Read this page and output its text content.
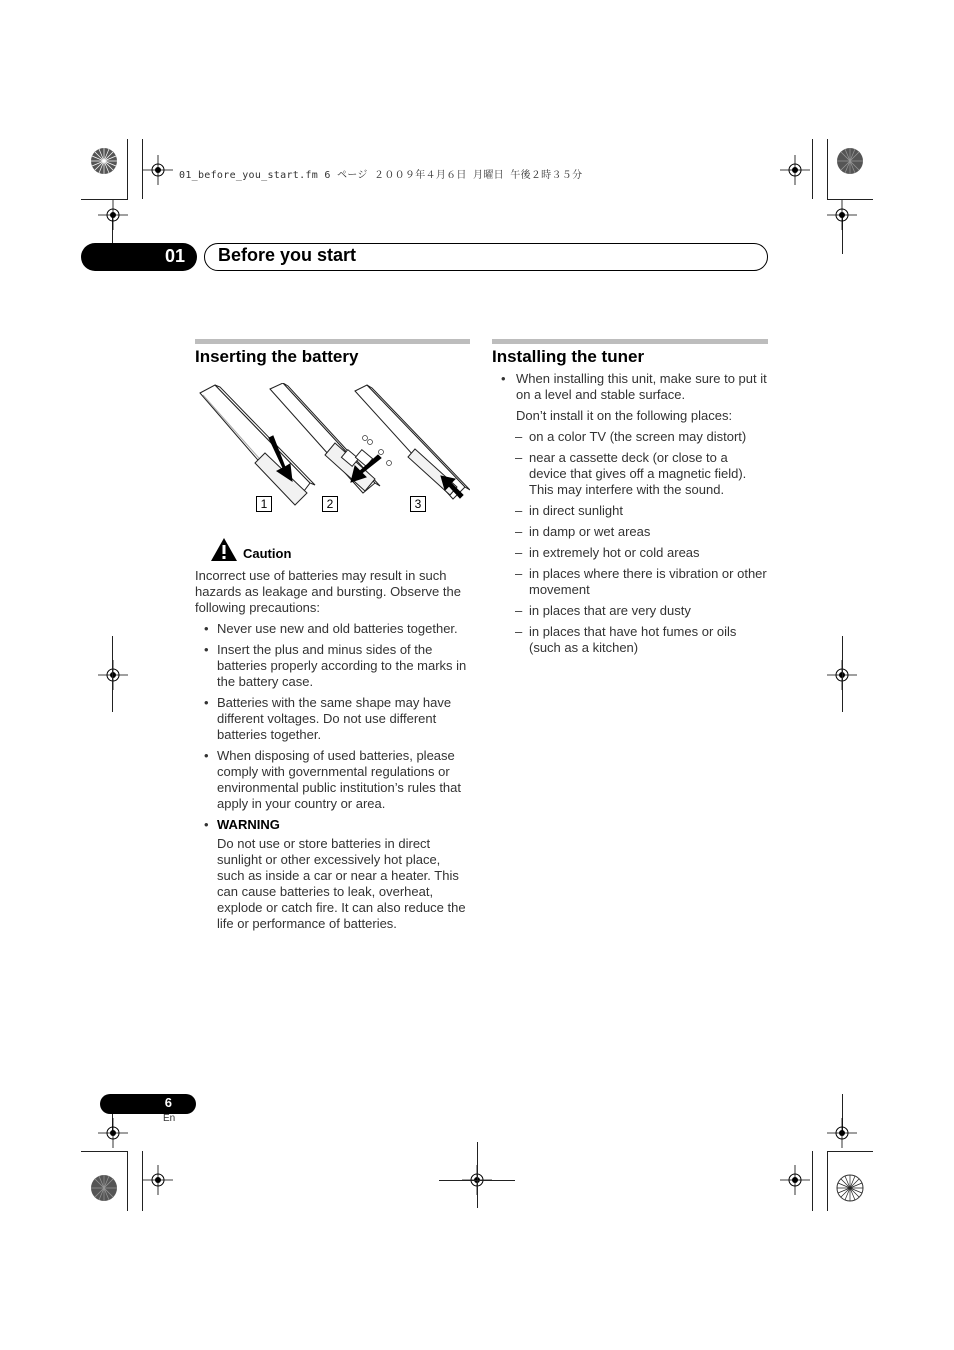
01_before_you_start.fm 6 ページ ２００９年４月６日 月曜日 午後２時３５分
01 Before you start
Inserting the battery
1	2	3
Caution
Incorrect use of batteries may result in such hazards as leakage and bursting. Observe the following precautions:
• Never use new and old batteries together.
• Insert the plus and minus sides of the batteries properly according to the marks in the battery case.
• Batteries with the same shape may have different voltages. Do not use different batteries together.
• When disposing of used batteries, please comply with governmental regulations or environmental public institution’s rules that apply in your country or area.
• WARNING
Do not use or store batteries in direct sunlight or other excessively hot place, such as inside a car or near a heater. This can cause batteries to leak, overheat, explode or catch fire. It can also reduce the life or performance of batteries.
Installing the tuner
• When installing this unit, make sure to put it on a level and stable surface.
Don’t install it on the following places:
– on a color TV (the screen may distort)
– near a cassette deck (or close to a device that gives off a magnetic field). This may interfere with the sound.
– in direct sunlight
– in damp or wet areas
– in extremely hot or cold areas
– in places where there is vibration or other movement
– in places that are very dusty
– in places that have hot fumes or oils (such as a kitchen)
6
En
